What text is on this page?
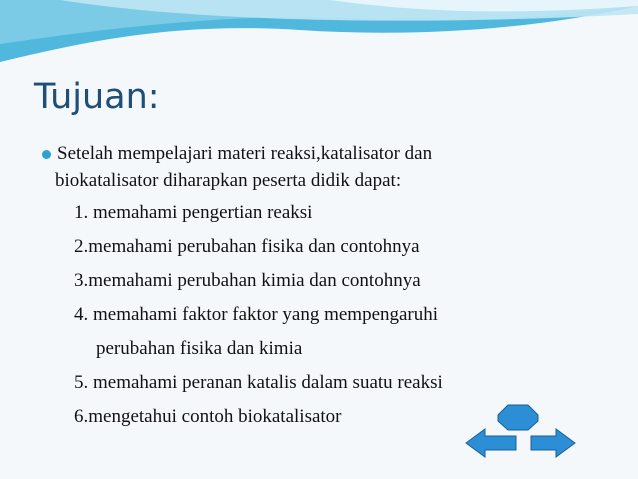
Tujuan:
Setelah mempelajari materi reaksi,katalisator dan
biokatalisator diharapkan peserta didik dapat:
1. memahami pengertian reaksi
2.memahami perubahan fisika dan contohnya
3.memahami perubahan kimia dan contohnya
4. memahami faktor faktor yang mempengaruhi
perubahan fisika dan kimia
5. memahami peranan katalis dalam suatu reaksi
6.mengetahui contoh biokatalisator
